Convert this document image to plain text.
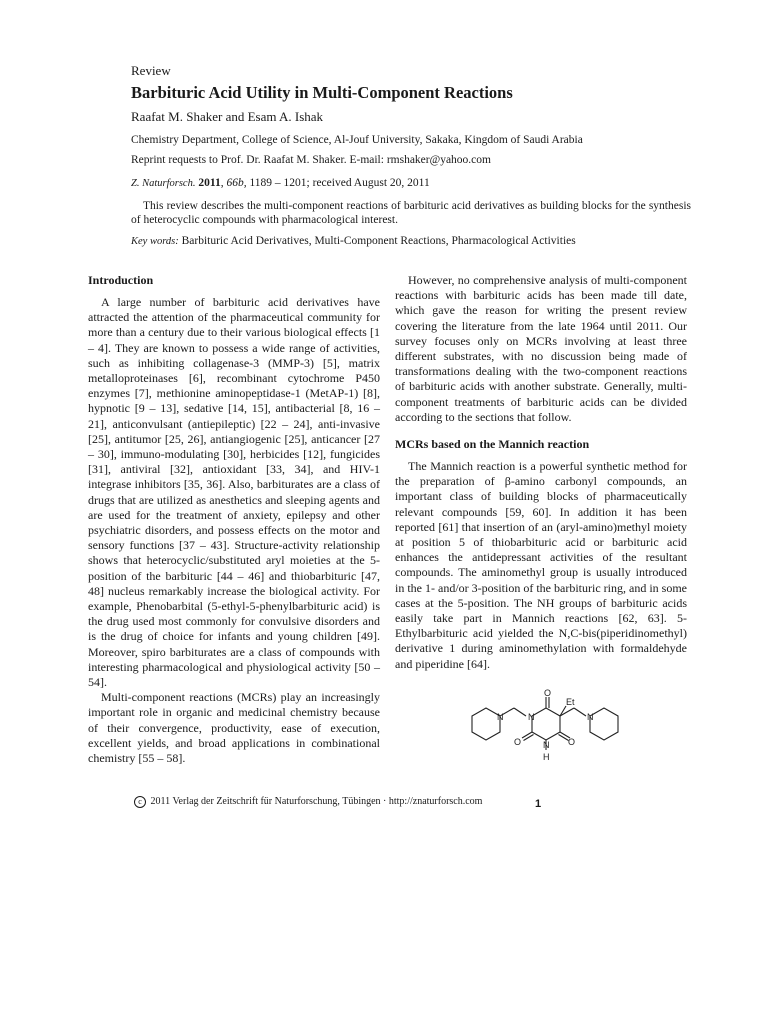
Review

Barbituric Acid Utility in Multi-Component Reactions

Raafat M. Shaker and Esam A. Ishak

Chemistry Department, College of Science, Al-Jouf University, Sakaka, Kingdom of Saudi Arabia

Reprint requests to Prof. Dr. Raafat M. Shaker. E-mail: rmshaker@yahoo.com

Z. Naturforsch. 2011, 66b, 1189 – 1201; received August 20, 2011

This review describes the multi-component reactions of barbituric acid derivatives as building blocks for the synthesis of heterocyclic compounds with pharmacological interest.

Key words: Barbituric Acid Derivatives, Multi-Component Reactions, Pharmacological Activities

Introduction

A large number of barbituric acid derivatives have attracted the attention of the pharmaceutical community for more than a century due to their various biological effects [1 – 4]. They are known to possess a wide range of activities, such as inhibiting collagenase-3 (MMP-3) [5], matrix metalloproteinases [6], recombinant cytochrome P450 enzymes [7], methionine aminopeptidase-1 (MetAP-1) [8], hypnotic [9 – 13], sedative [14, 15], antibacterial [8, 16 – 21], anticonvulsant (antiepileptic) [22 – 24], anti-invasive [25], antitumor [25, 26], antiangiogenic [25], anticancer [27 – 30], immuno-modulating [30], herbicides [12], fungicides [31], antiviral [32], antioxidant [33, 34], and HIV-1 integrase inhibitors [35, 36]. Also, barbiturates are a class of drugs that are utilized as anesthetics and sleeping agents and are used for the treatment of anxiety, epilepsy and other psychiatric disorders, and possess effects on the motor and sensory functions [37 – 43]. Structure-activity relationship shows that heterocyclic/substituted aryl moieties at the 5-position of the barbituric [44 – 46] and thiobarbituric [47, 48] nucleus remarkably increase the biological activity. For example, Phenobarbital (5-ethyl-5-phenylbarbituric acid) is the drug used most commonly for convulsive disorders and is the drug of choice for infants and young children [49]. Moreover, spiro barbiturates are a class of compounds with interesting pharmacological and physiological activity [50 – 54].

Multi-component reactions (MCRs) play an increasingly important role in organic and medicinal chemistry because of their convergence, productivity, ease of execution, excellent yields, and broad applications in combinational chemistry [55 – 58].

However, no comprehensive analysis of multi-component reactions with barbituric acids has been made till date, which gave the reason for writing the present review covering the literature from the late 1964 until 2011. Our survey focuses only on MCRs involving at least three different substrates, with no discussion being made of transformations dealing with the two-component reactions of barbituric acids with another substrate. Generally, multi-component treatments of barbituric acids can be divided according to the sections that follow.

MCRs based on the Mannich reaction

The Mannich reaction is a powerful synthetic method for the preparation of β-amino carbonyl compounds, an important class of building blocks of pharmaceutically relevant compounds [59, 60]. In addition it has been reported [61] that insertion of an (aryl-amino)methyl moiety at position 5 of thiobarbituric acid or barbituric acid enhances the antidepressant activities of the resultant compounds. The aminomethyl group is usually introduced in the 1- and/or 3-position of the barbituric ring, and in some cases at the 5-position. The NH groups of barbituric acids easily take part in Mannich reactions [62, 63]. 5-Ethylbarbituric acid yielded the N,C-bis(piperidinomethyl) derivative 1 during aminomethylation with formaldehyde and piperidine [64].

O
Et
N	N	N
O N O
H
1
c 2011 Verlag der Zeitschrift für Naturforschung, Tübingen · http://znaturforsch.com
